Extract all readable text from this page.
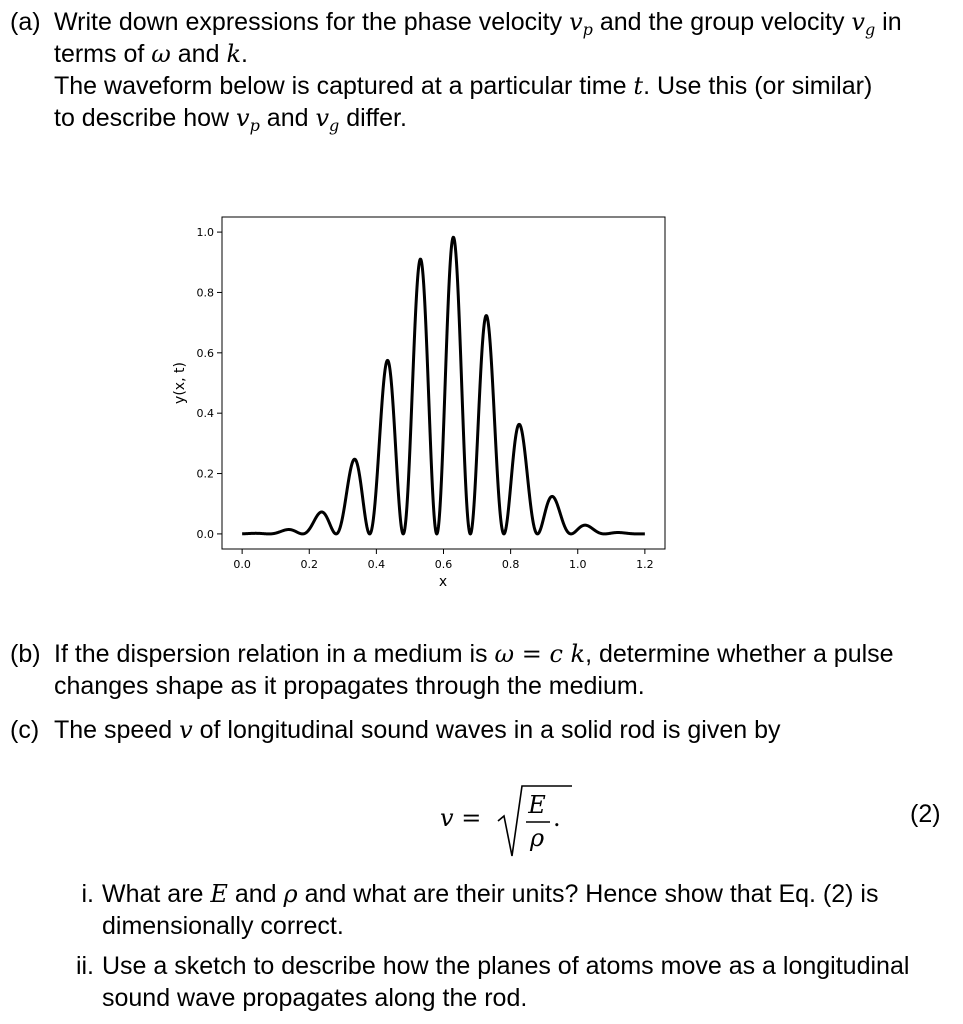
(a) Write down expressions for the phase velocity $v_p$ and the group velocity $v_g$ in
terms of ω and k.
The waveform below is captured at a particular time t. Use this (or similar)
to describe how $v_p$ and $v_g$ differ.
0.0
0.2
0.4
0.6
0.8
1.0
0.0	0.2	0.4	0.6	0.8	1.0	1.2
x
y(x, t)
(b) If the dispersion relation in a medium is ω = c k, determine whether a pulse
changes shape as it propagates through the medium.
(c) The speed v of longitudinal sound waves in a solid rod is given by
v = E
ρ
.	(2)
i. What are E and ρ and what are their units? Hence show that Eq. (2) is
dimensionally correct.
ii. Use a sketch to describe how the planes of atoms move as a longitudinal
sound wave propagates along the rod.
